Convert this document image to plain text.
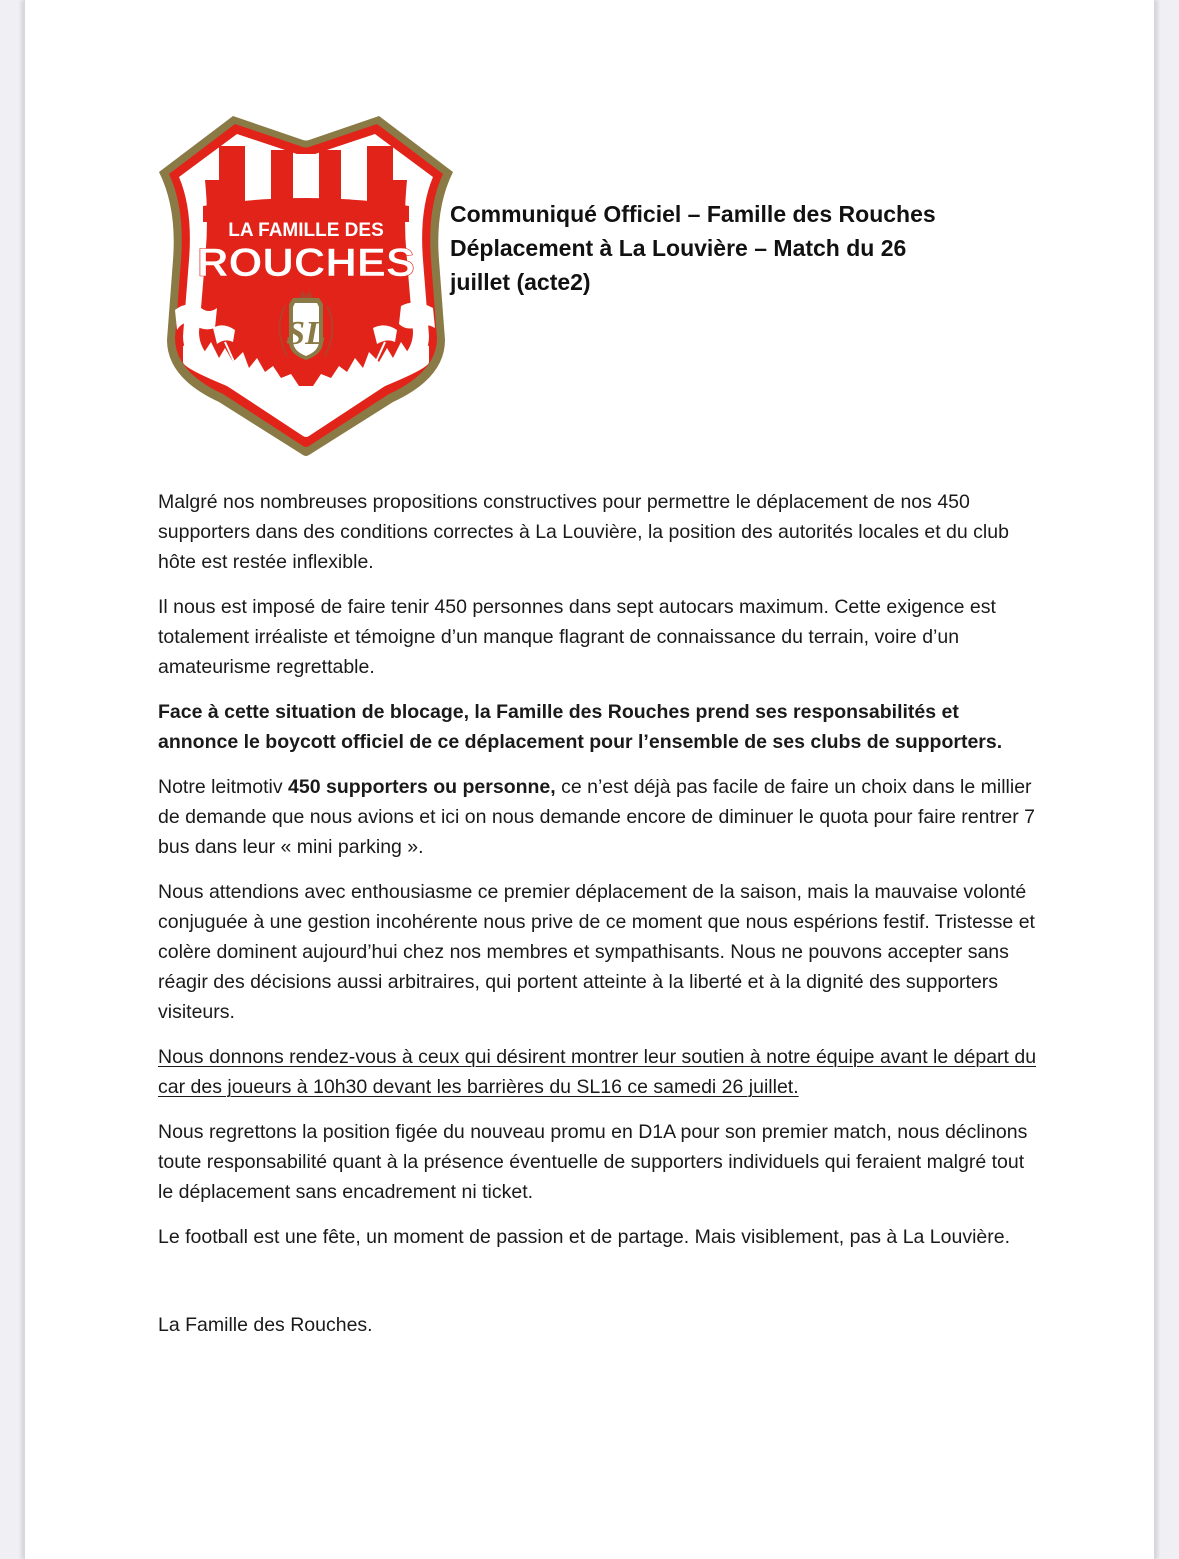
LA FAMILLE DES
ROUCHES
SL
Communiqué Officiel – Famille des Rouches
Déplacement à La Louvière – Match du 26
juillet (acte2)

Malgré nos nombreuses propositions constructives pour permettre le déplacement de nos 450 supporters dans des conditions correctes à La Louvière, la position des autorités locales et du club hôte est restée inflexible.

Il nous est imposé de faire tenir 450 personnes dans sept autocars maximum. Cette exigence est totalement irréaliste et témoigne d’un manque flagrant de connaissance du terrain, voire d’un amateurisme regrettable.

Face à cette situation de blocage, la Famille des Rouches prend ses responsabilités et annonce le boycott officiel de ce déplacement pour l’ensemble de ses clubs de supporters.

Notre leitmotiv 450 supporters ou personne, ce n’est déjà pas facile de faire un choix dans le millier de demande que nous avions et ici on nous demande encore de diminuer le quota pour faire rentrer 7 bus dans leur « mini parking ».

Nous attendions avec enthousiasme ce premier déplacement de la saison, mais la mauvaise volonté conjuguée à une gestion incohérente nous prive de ce moment que nous espérions festif. Tristesse et colère dominent aujourd’hui chez nos membres et sympathisants. Nous ne pouvons accepter sans réagir des décisions aussi arbitraires, qui portent atteinte à la liberté et à la dignité des supporters visiteurs.

Nous donnons rendez-vous à ceux qui désirent montrer leur soutien à notre équipe avant le départ du car des joueurs à 10h30 devant les barrières du SL16 ce samedi 26 juillet.

Nous regrettons la position figée du nouveau promu en D1A pour son premier match, nous déclinons toute responsabilité quant à la présence éventuelle de supporters individuels qui feraient malgré tout le déplacement sans encadrement ni ticket.

Le football est une fête, un moment de passion et de partage. Mais visiblement, pas à La Louvière.

La Famille des Rouches.
